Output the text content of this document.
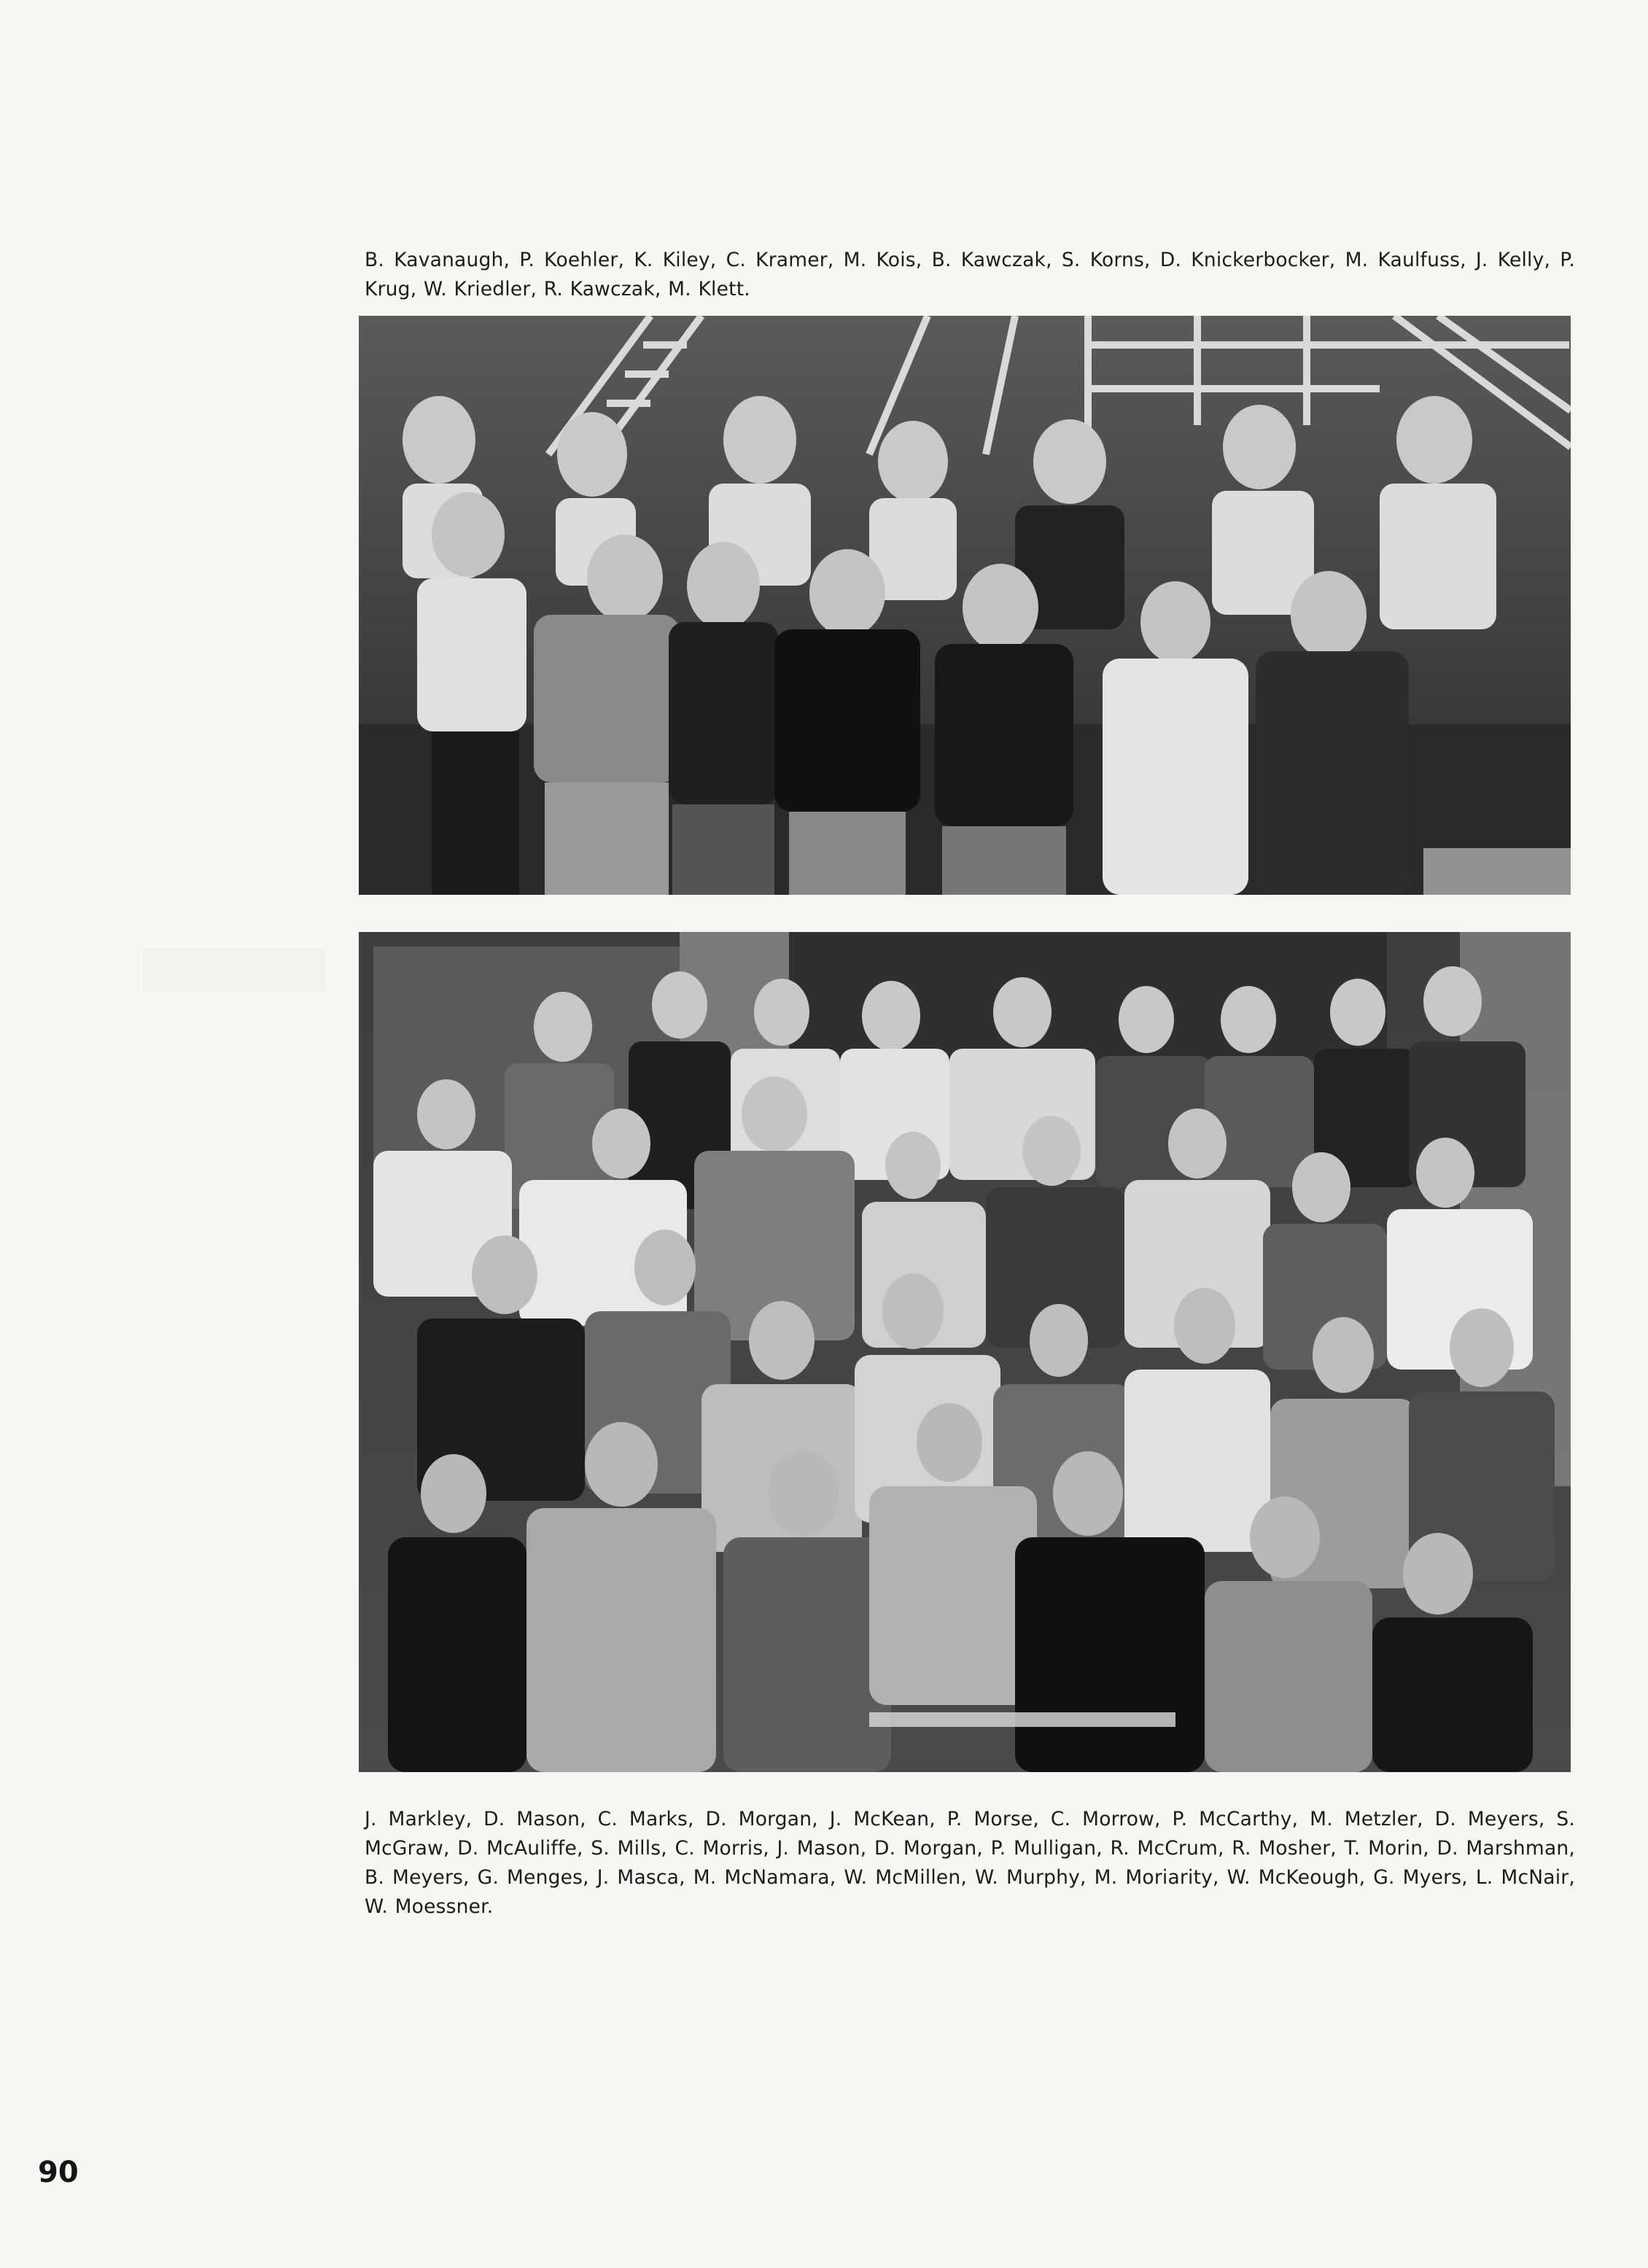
B. Kavanaugh, P. Koehler, K. Kiley, C. Kramer, M. Kois, B. Kawczak, S. Korns, D. Knickerbocker, M. Kaulfuss, J. Kelly, P. Krug, W. Kriedler, R. Kawczak, M. Klett.
J. Markley, D. Mason, C. Marks, D. Morgan, J. McKean, P. Morse, C. Morrow, P. McCarthy, M. Metzler, D. Meyers, S. McGraw, D. McAuliffe, S. Mills, C. Morris, J. Mason, D. Morgan, P. Mulligan, R. McCrum, R. Mosher, T. Morin, D. Marshman, B. Meyers, G. Menges, J. Masca, M. McNamara, W. McMillen, W. Murphy, M. Moriarity, W. McKeough, G. Myers, L. McNair, W. Moessner.
90
